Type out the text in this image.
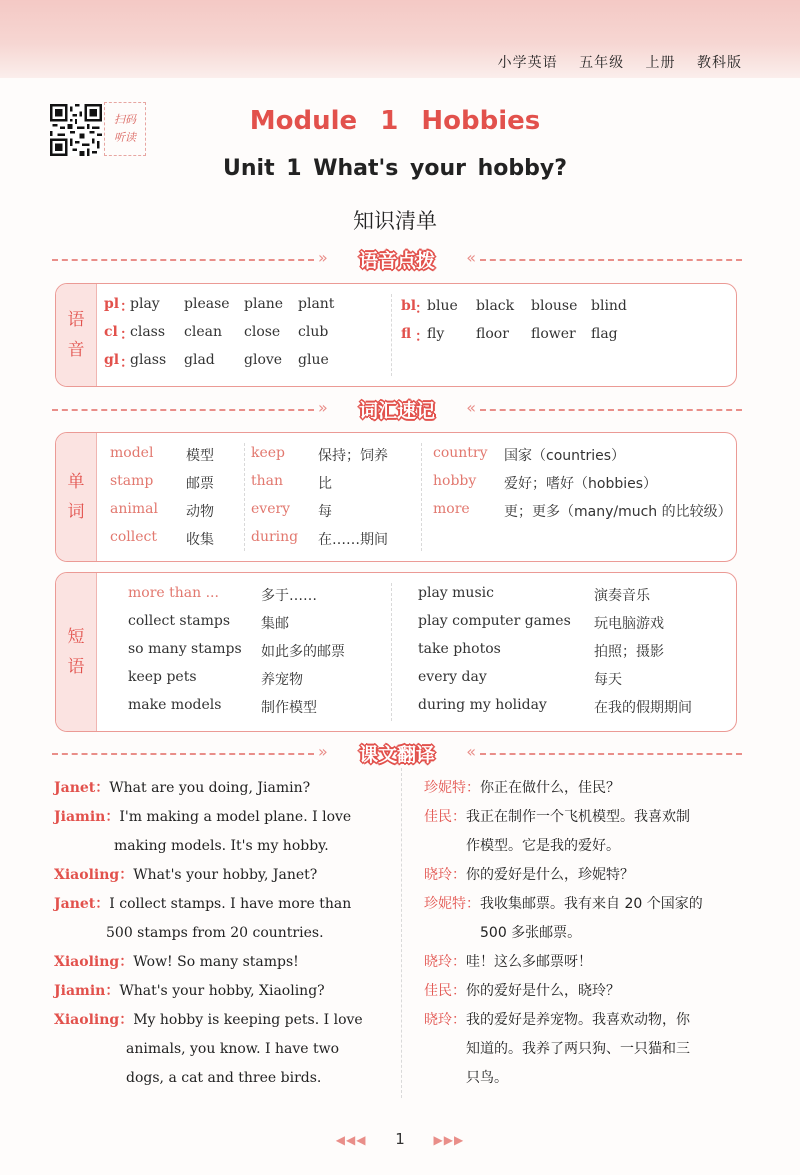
小学英语 五年级 上册 教科版
扫码
听读
Module 1 Hobbies
Unit 1 What's your hobby?
知识清单
»	语音点拨	«
语
音
pl ：
play please plane plant
cl ：
class clean close club
gl ：
glass glad glove glue
bl
：
blue black blouse blind
fl ：
fly floor flower flag
»	词汇速记	«
单
词
model 模型
stamp 邮票
animal 动物
collect 收集
keep 保持；饲养
than 比
every 每
during 在……期间
country 国家（countries）
hobby 爱好；嗜好（hobbies）
more 更；更多（many/much 的比较级）
短
语
more than ...	多于……
collect stamps 集邮
so many stamps 如此多的邮票
keep pets	养宠物
make models	制作模型
play music	演奏音乐
play computer games 玩电脑游戏
take photos	拍照；摄影
every day	每天
during my holiday	在我的假期期间
»	课文翻译	«
Janet：What are you doing, Jiamin?
Jiamin：I'm making a model plane. I love
making models. It's my hobby.
Xiaoling：What's your hobby, Janet?
Janet：I collect stamps. I have more than
500 stamps from 20 countries.
Xiaoling：Wow! So many stamps!
Jiamin：What's your hobby, Xiaoling?
Xiaoling：My hobby is keeping pets. I love
animals, you know. I have two
dogs, a cat and three birds.
珍妮特：你正在做什么，佳民？
佳民：我正在制作一个飞机模型。我喜欢制
作模型。它是我的爱好。
晓玲：你的爱好是什么，珍妮特？
珍妮特：我收集邮票。我有来自 20 个国家的
500 多张邮票。
晓玲：哇！这么多邮票呀！
佳民：你的爱好是什么，晓玲？
晓玲：我的爱好是养宠物。我喜欢动物，你
知道的。我养了两只狗、一只猫和三
只鸟。
◀◀◀ 1 ▶▶▶
